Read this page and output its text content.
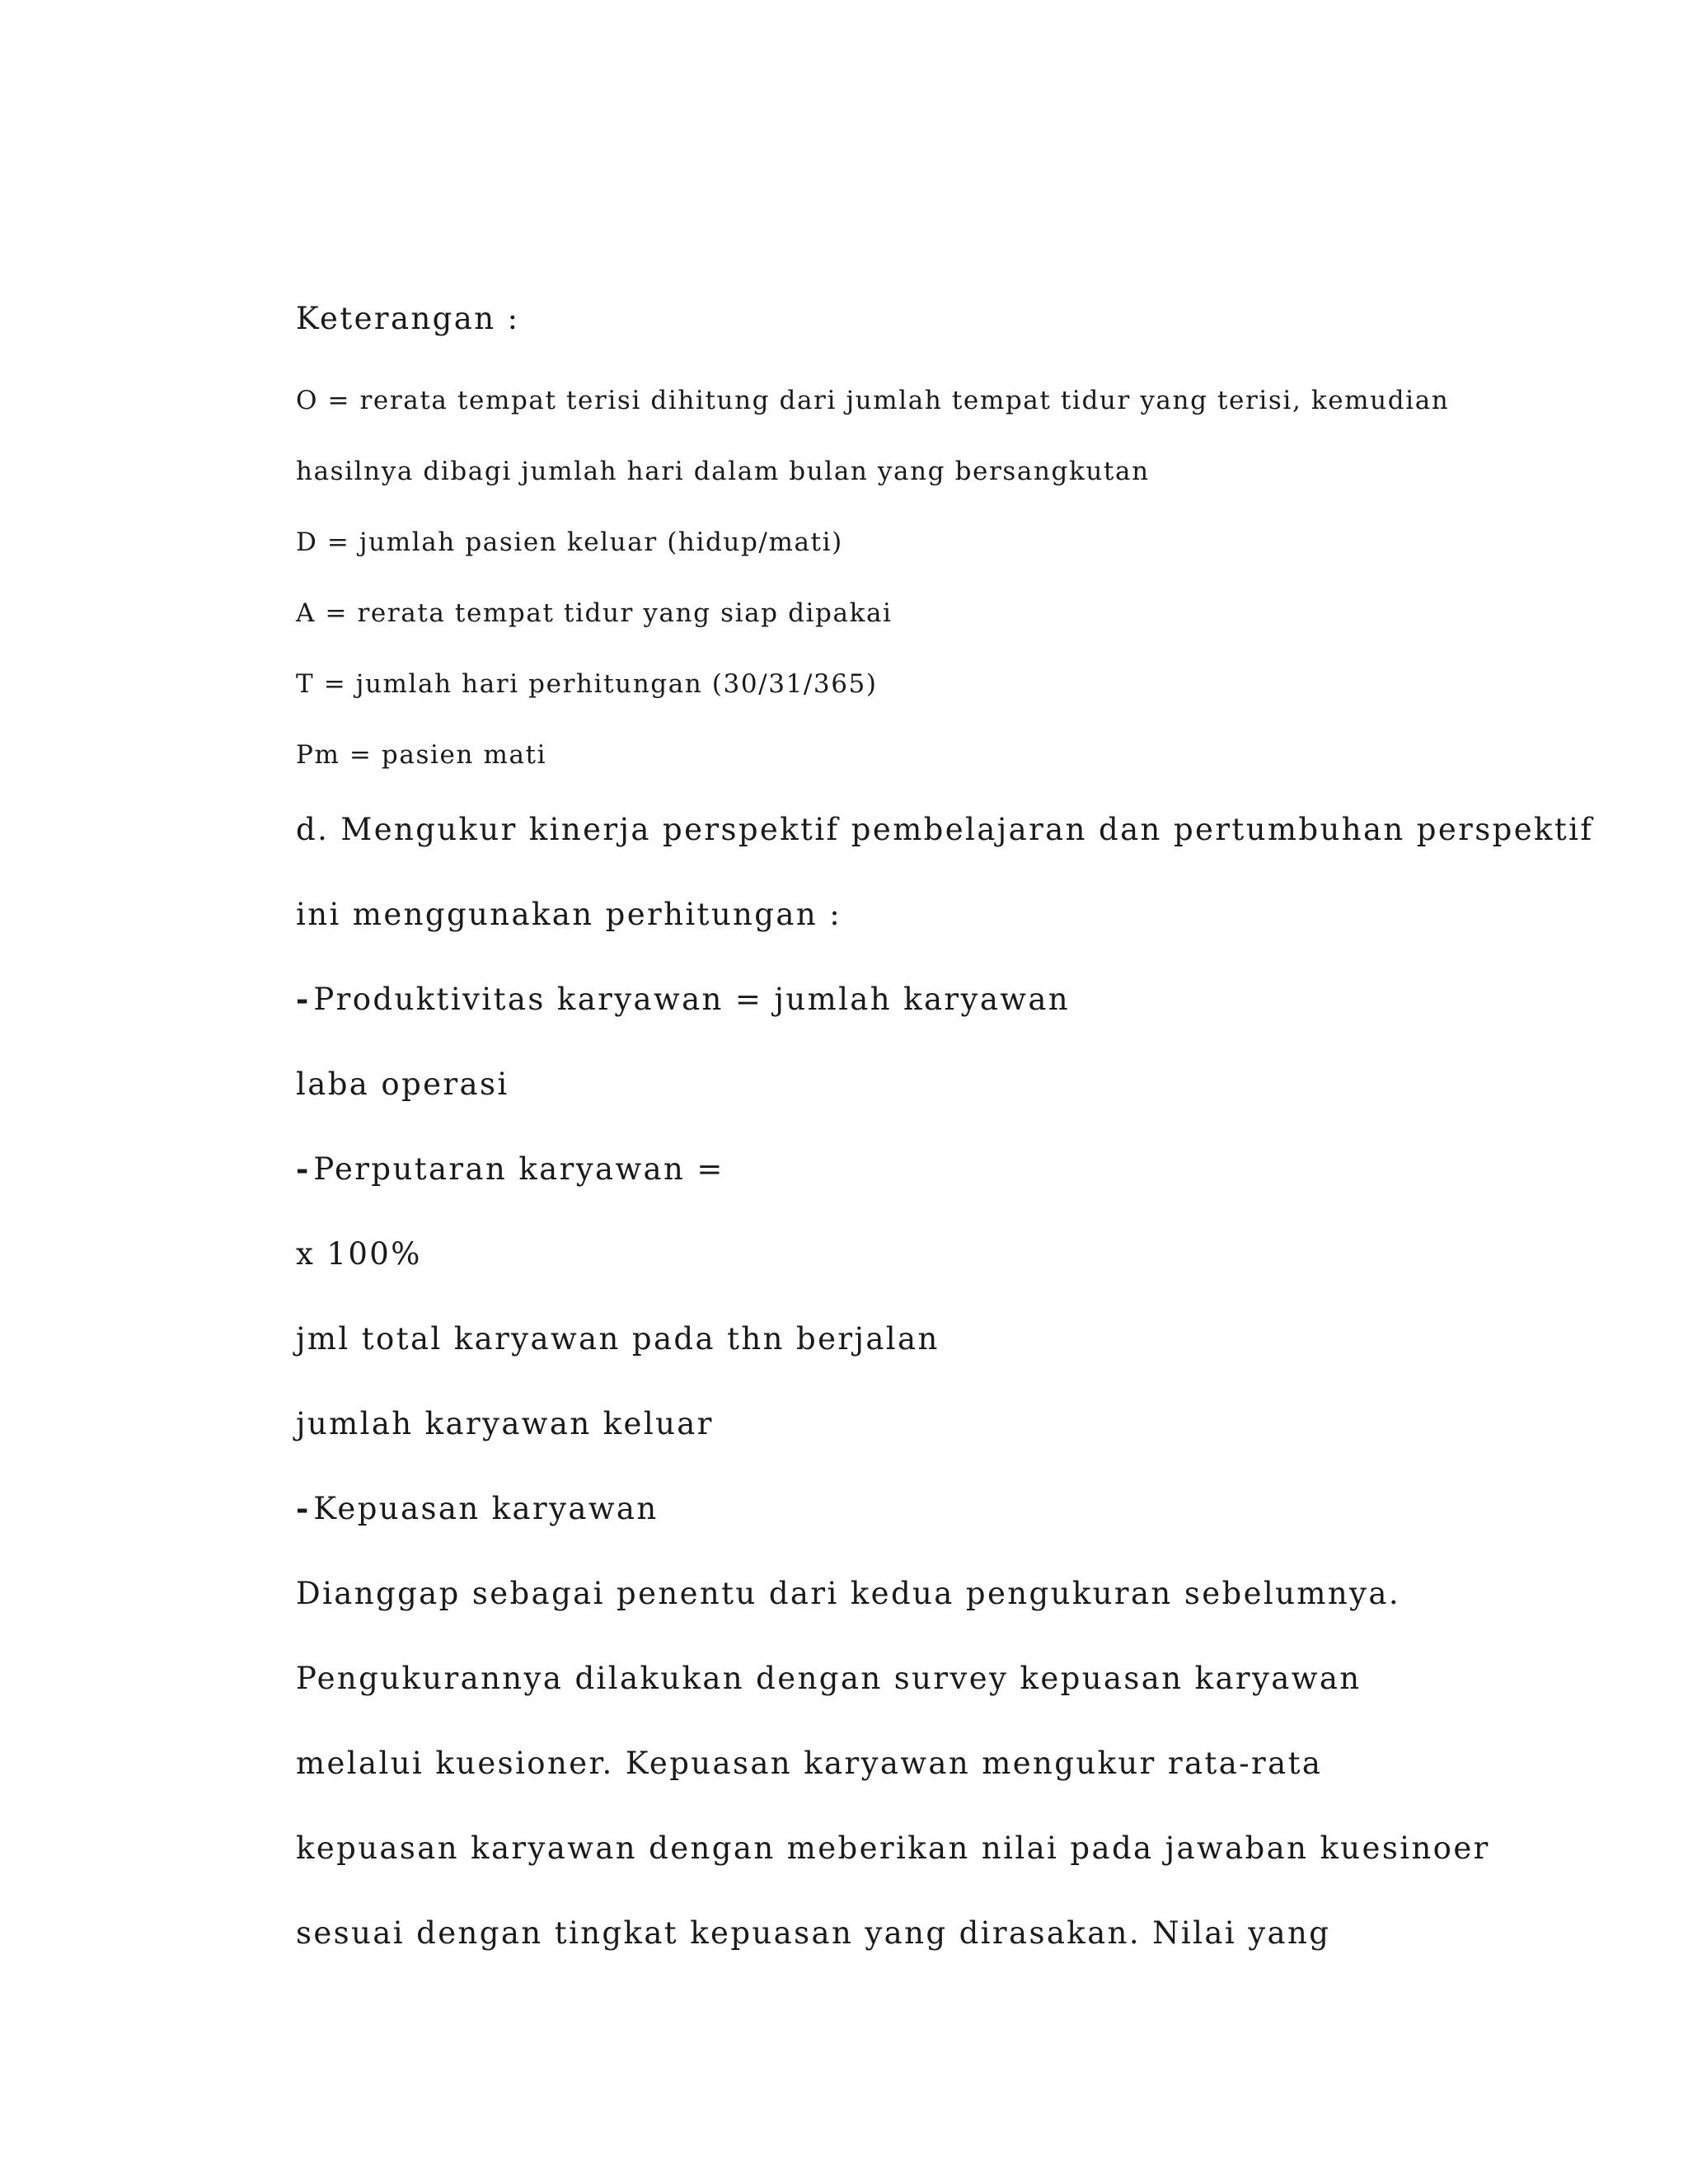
Keterangan :
O = rerata tempat terisi dihitung dari jumlah tempat tidur yang terisi, kemudian
hasilnya dibagi jumlah hari dalam bulan yang bersangkutan
D = jumlah pasien keluar (hidup/mati)
A = rerata tempat tidur yang siap dipakai
T = jumlah hari perhitungan (30/31/365)
Pm = pasien mati
d. Mengukur kinerja perspektif pembelajaran dan pertumbuhan perspektif
ini menggunakan perhitungan :
- Produktivitas karyawan = jumlah karyawan
laba operasi
- Perputaran karyawan =
x 100%
jml total karyawan pada thn berjalan
jumlah karyawan keluar
- Kepuasan karyawan
Dianggap sebagai penentu dari kedua pengukuran sebelumnya.
Pengukurannya dilakukan dengan survey kepuasan karyawan
melalui kuesioner. Kepuasan karyawan mengukur rata-rata
kepuasan karyawan dengan meberikan nilai pada jawaban kuesinoer
sesuai dengan tingkat kepuasan yang dirasakan. Nilai yang
